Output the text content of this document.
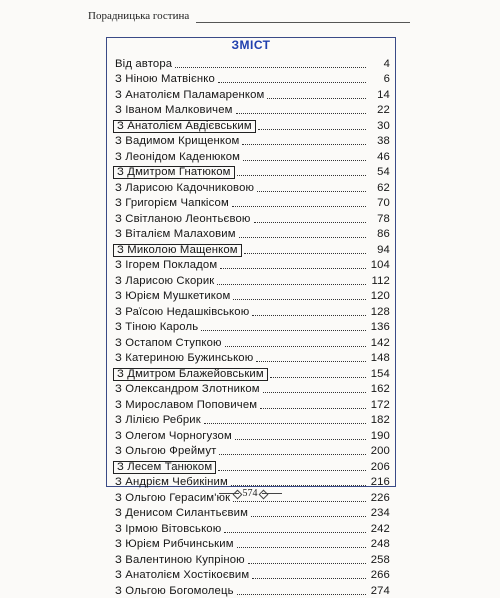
Порадницька гостина
ЗМІСТ
Від автора	4
З Ніною Матвієнко	6
З Анатолієм Паламаренком	14
З Іваном Малковичем	22
З Анатолієм Авдієвським	30
З Вадимом Крищенком	38
З Леонідом Каденюком	46
З Дмитром Гнатюком	54
З Ларисою Кадочниковою	62
З Григорієм Чапкісом	70
З Світланою Леонтьєвою	78
З Віталієм Малаховим	86
З Миколою Мащенком	94
З Ігорем Покладом	104
З Ларисою Скорик	112
З Юрієм Мушкетиком	120
З Раїсою Недашківською	128
З Тіною Кароль	136
З Остапом Ступкою	142
З Катериною Бужинською	148
З Дмитром Блажейовським	154
З Олександром Злотником	162
З Мирославом Поповичем	172
З Лілією Ребрик	182
З Олегом Чорногузом	190
З Ольгою Фреймут	200
З Лесем Танюком	206
З Андрієм Чебикіним	216
З Ольгою Герасим'юк	226
З Денисом Силантьєвим	234
З Ірмою Вітовською	242
З Юрієм Рибчинським	248
З Валентиною Купріною	258
З Анатолієм Хостікоєвим	266
З Ольгою Богомолець	274
574
